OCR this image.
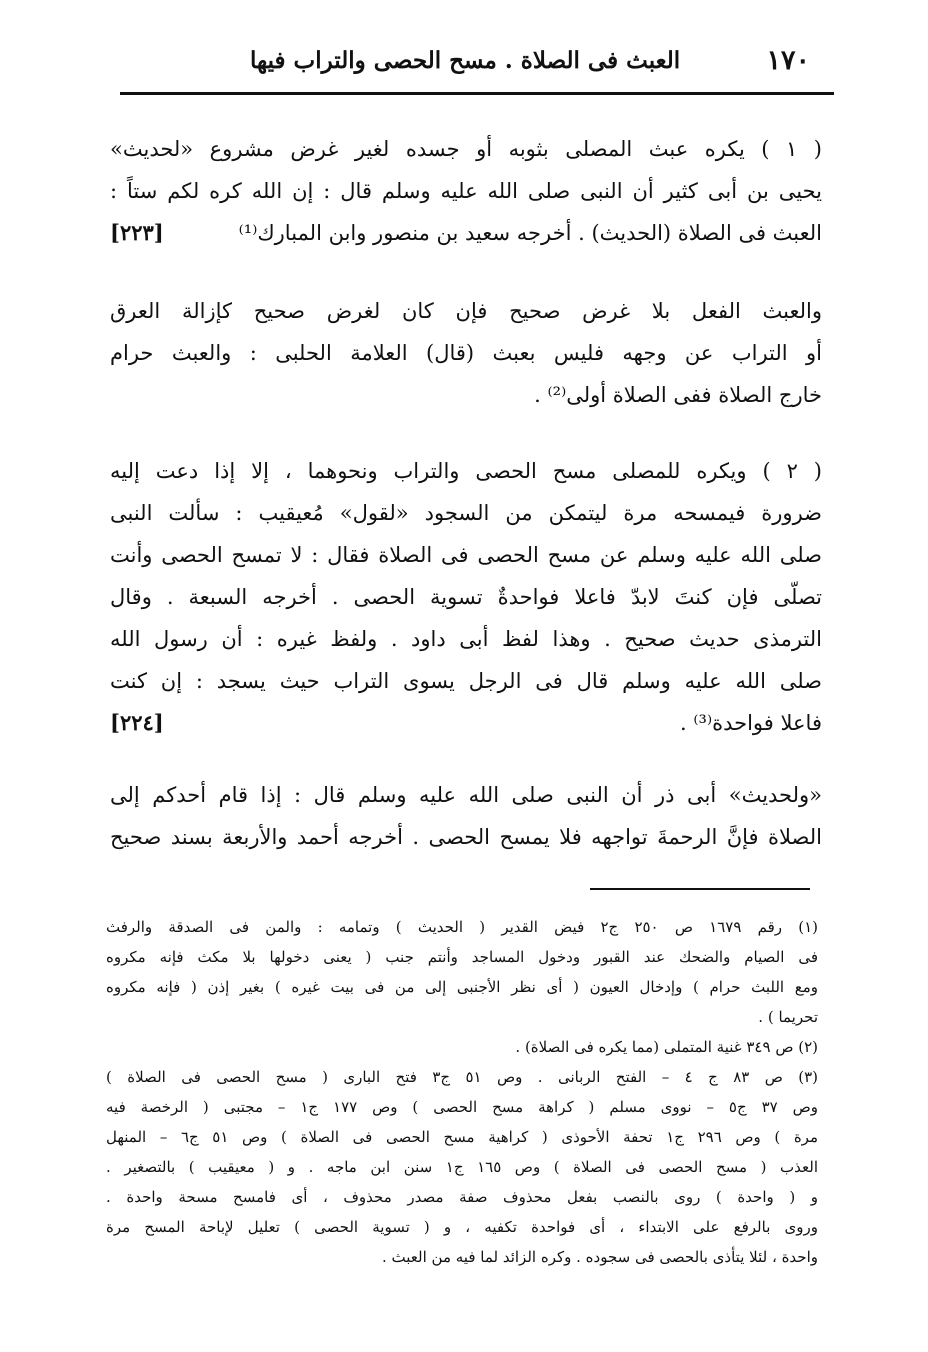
١٧٠
العبث فى الصلاة . مسح الحصى والتراب فيها
( ١ ) يكره عبث المصلى بثوبه أو جسده لغير غرض مشروع «لحديث»
يحيى بن أبى كثير أن النبى صلى الله عليه وسلم قال : إن الله كره لكم ستاً :
العبث فى الصلاة (الحديث) . أخرجه سعيد بن منصور وابن المبارك⁽¹⁾
[٢٢٣]
والعبث الفعل بلا غرض صحيح فإن كان لغرض صحيح كإزالة العرق
أو التراب عن وجهه فليس بعبث (قال) العلامة الحلبى : والعبث حرام
خارج الصلاة ففى الصلاة أولى⁽²⁾ .
( ٢ ) ويكره للمصلى مسح الحصى والتراب ونحوهما ، إلا إذا دعت إليه
ضرورة فيمسحه مرة ليتمكن من السجود «لقول» مُعيقيب : سألت النبى
صلى الله عليه وسلم عن مسح الحصى فى الصلاة فقال : لا تمسح الحصى وأنت
تصلّى فإن كنتَ لابدّ فاعلا فواحدةٌ تسوية الحصى . أخرجه السبعة . وقال
الترمذى حديث صحيح . وهذا لفظ أبى داود . ولفظ غيره : أن رسول الله
صلى الله عليه وسلم قال فى الرجل يسوى التراب حيث يسجد : إن كنت
فاعلا فواحدة⁽³⁾ .
[٢٢٤]
«ولحديث» أبى ذر أن النبى صلى الله عليه وسلم قال : إذا قام أحدكم إلى
الصلاة فإنَّ الرحمةَ تواجهه فلا يمسح الحصى . أخرجه أحمد والأربعة بسند صحيح
(١) رقم ١٦٧٩ ص ٢٥٠ ج٢ فيض القدير ( الحديث ) وتمامه : والمن فى الصدقة والرفث
فى الصيام والضحك عند القبور ودخول المساجد وأنتم جنب ( يعنى دخولها بلا مكث فإنه مكروه
ومع اللبث حرام ) وإدخال العيون ( أى نظر الأجنبى إلى من فى بيت غيره ) بغير إذن ( فإنه مكروه
تحريما ) .
(٢) ص ٣٤٩ غنية المتملى (مما يكره فى الصلاة) .
(٣) ص ٨٣ ج ٤ – الفتح الربانى . وص ٥١ ج٣ فتح البارى ( مسح الحصى فى الصلاة )
وص ٣٧ ج٥ – نووى مسلم ( كراهة مسح الحصى ) وص ١٧٧ ج١ – مجتبى ( الرخصة فيه
مرة ) وص ٢٩٦ ج١ تحفة الأحوذى ( كراهية مسح الحصى فى الصلاة ) وص ٥١ ج٦ – المنهل
العذب ( مسح الحصى فى الصلاة ) وص ١٦٥ ج١ سنن ابن ماجه . و ( معيقيب ) بالتصغير .
و ( واحدة ) روى بالنصب بفعل محذوف صفة مصدر محذوف ، أى فامسح مسحة واحدة .
وروى بالرفع على الابتداء ، أى فواحدة تكفيه ، و ( تسوية الحصى ) تعليل لإباحة المسح مرة
واحدة ، لئلا يتأذى بالحصى فى سجوده . وكره الزائد لما فيه من العبث .
